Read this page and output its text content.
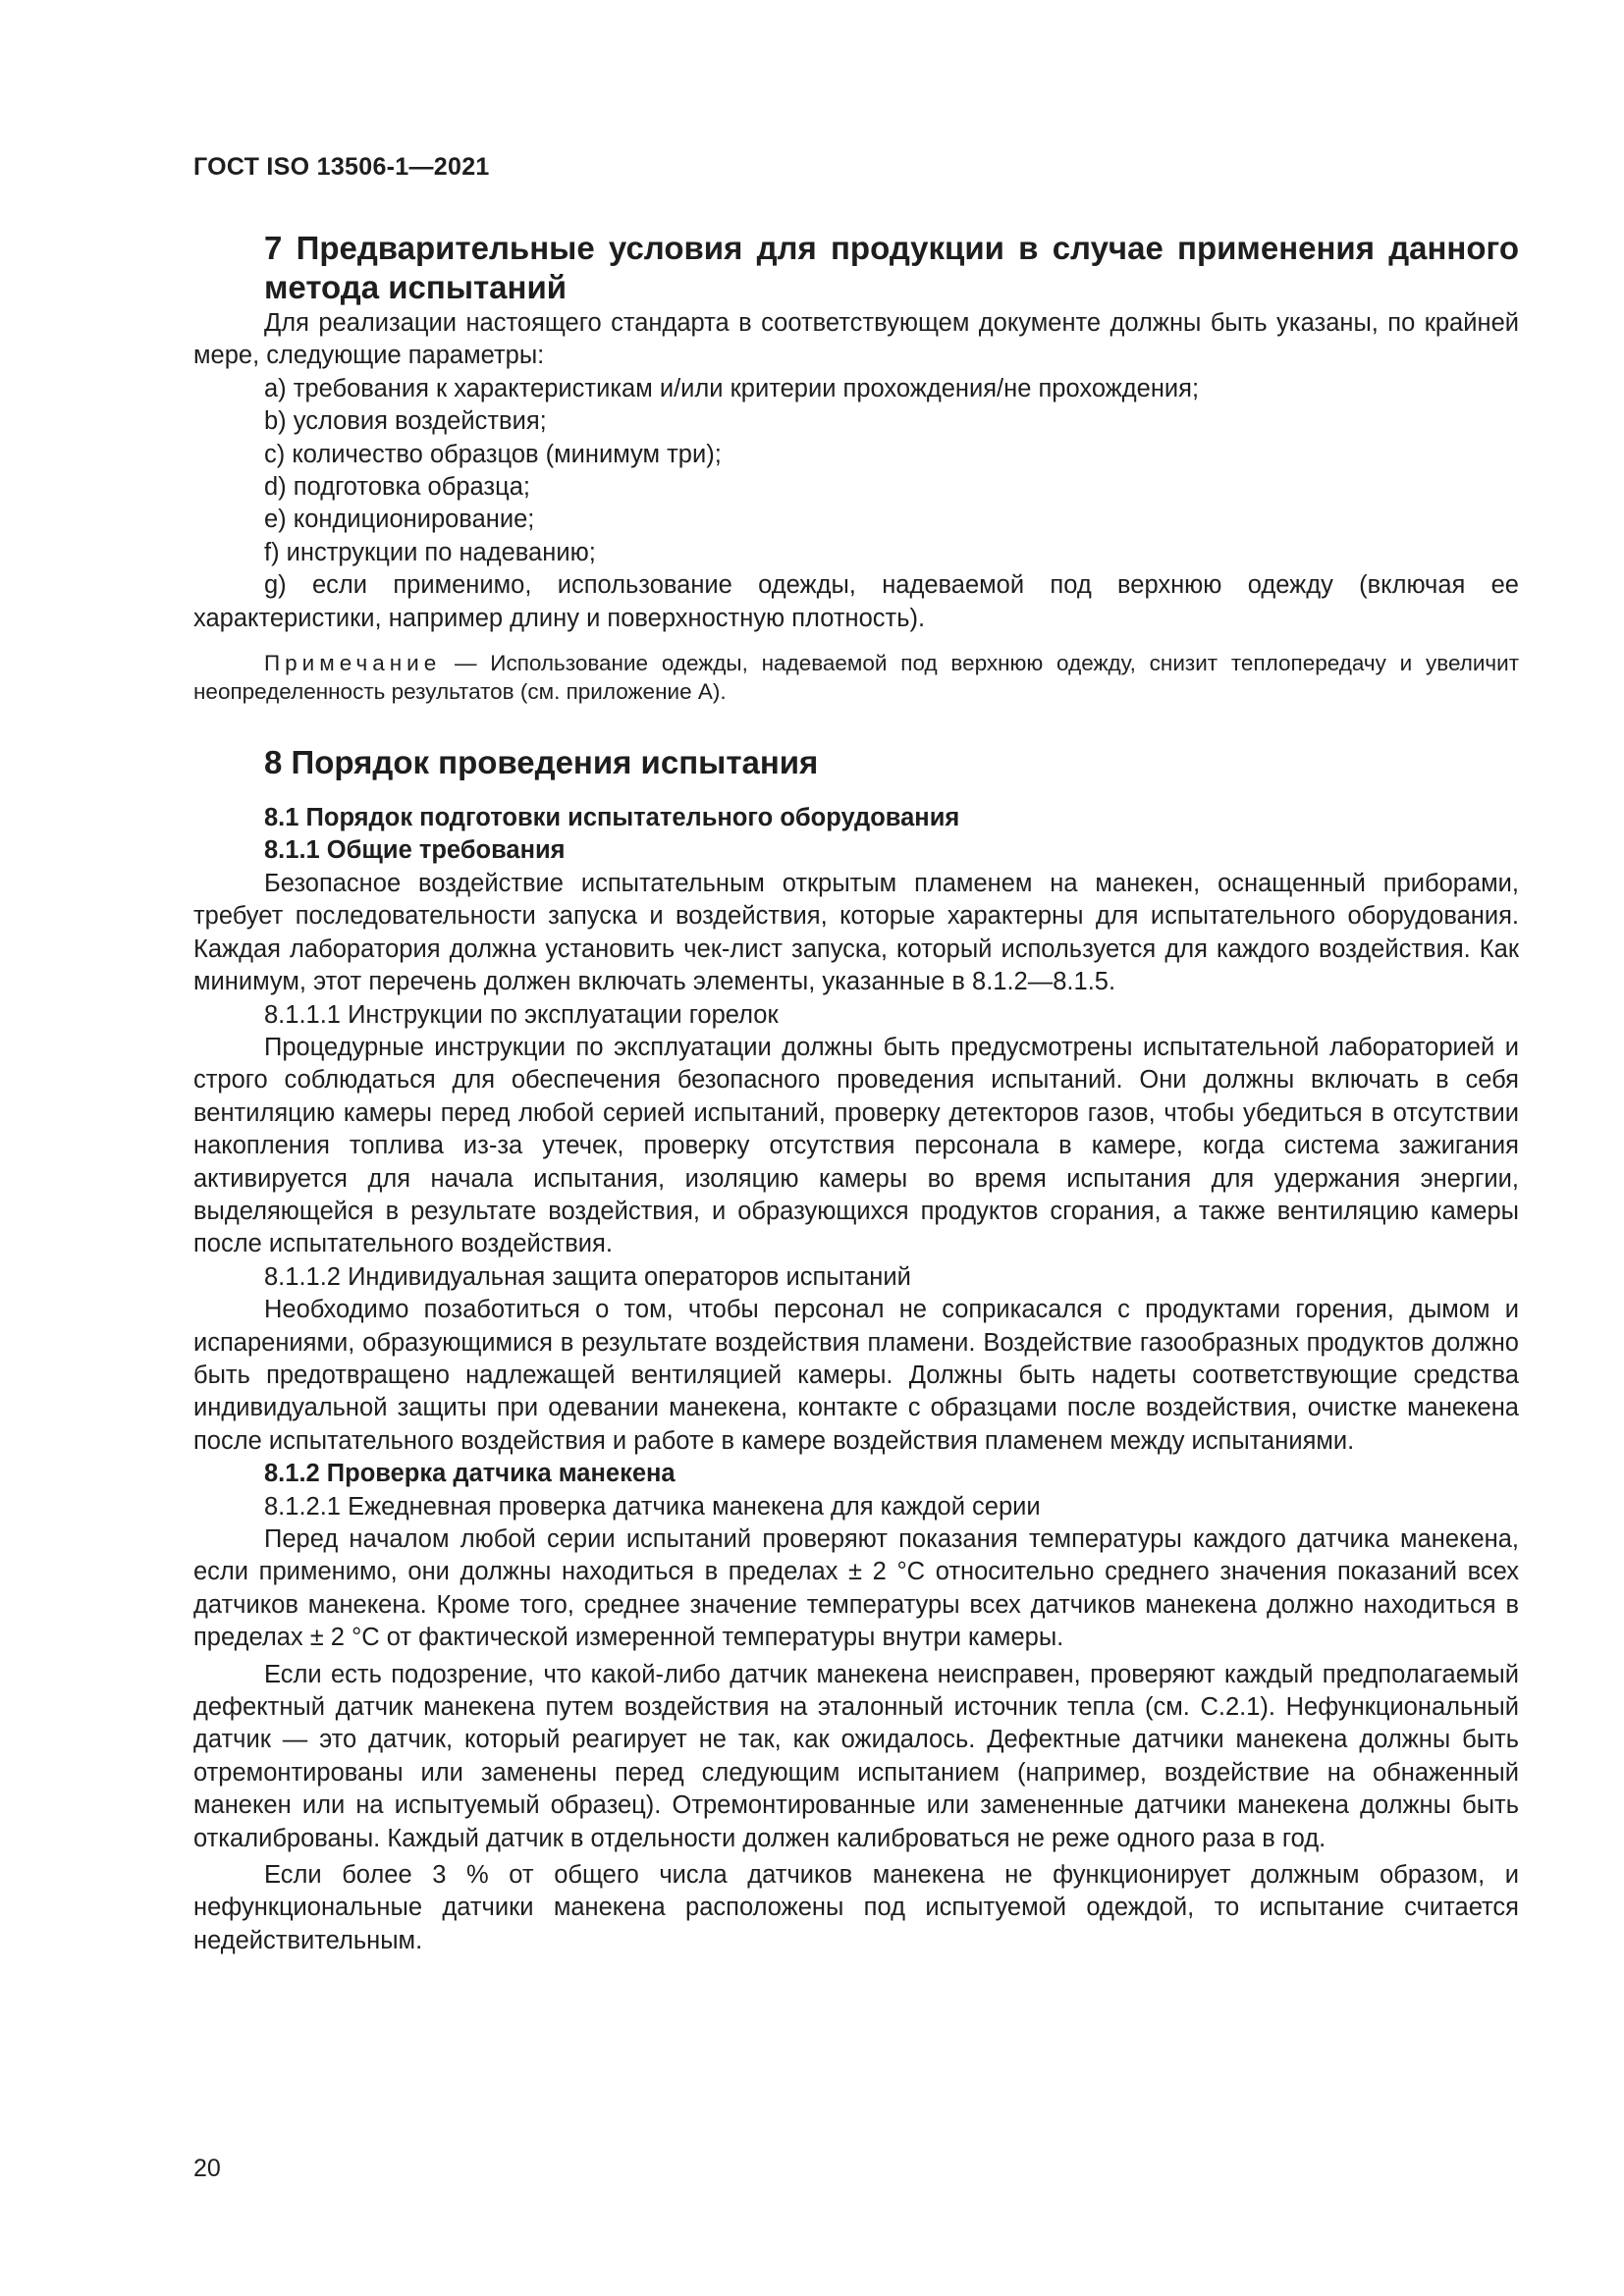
ГОСТ ISO 13506-1—2021

7 Предварительные условия для продукции в случае применения данного метода испытаний

Для реализации настоящего стандарта в соответствующем документе должны быть указаны, по крайней мере, следующие параметры:

a) требования к характеристикам и/или критерии прохождения/не прохождения;

b) условия воздействия;

c) количество образцов (минимум три);

d) подготовка образца;

e) кондиционирование;

f) инструкции по надеванию;

g) если применимо, использование одежды, надеваемой под верхнюю одежду (включая ее характеристики, например длину и поверхностную плотность).

Примечание — Использование одежды, надеваемой под верхнюю одежду, снизит теплопередачу и увеличит неопределенность результатов (см. приложение А).

8 Порядок проведения испытания

8.1 Порядок подготовки испытательного оборудования

8.1.1 Общие требования

Безопасное воздействие испытательным открытым пламенем на манекен, оснащенный приборами, требует последовательности запуска и воздействия, которые характерны для испытательного оборудования. Каждая лаборатория должна установить чек-лист запуска, который используется для каждого воздействия. Как минимум, этот перечень должен включать элементы, указанные в 8.1.2—8.1.5.

8.1.1.1 Инструкции по эксплуатации горелок

Процедурные инструкции по эксплуатации должны быть предусмотрены испытательной лабораторией и строго соблюдаться для обеспечения безопасного проведения испытаний. Они должны включать в себя вентиляцию камеры перед любой серией испытаний, проверку детекторов газов, чтобы убедиться в отсутствии накопления топлива из-за утечек, проверку отсутствия персонала в камере, когда система зажигания активируется для начала испытания, изоляцию камеры во время испытания для удержания энергии, выделяющейся в результате воздействия, и образующихся продуктов сгорания, а также вентиляцию камеры после испытательного воздействия.

8.1.1.2 Индивидуальная защита операторов испытаний

Необходимо позаботиться о том, чтобы персонал не соприкасался с продуктами горения, дымом и испарениями, образующимися в результате воздействия пламени. Воздействие газообразных продуктов должно быть предотвращено надлежащей вентиляцией камеры. Должны быть надеты соответствующие средства индивидуальной защиты при одевании манекена, контакте с образцами после воздействия, очистке манекена после испытательного воздействия и работе в камере воздействия пламенем между испытаниями.

8.1.2 Проверка датчика манекена

8.1.2.1 Ежедневная проверка датчика манекена для каждой серии

Перед началом любой серии испытаний проверяют показания температуры каждого датчика манекена, если применимо, они должны находиться в пределах ± 2 °С относительно среднего значения показаний всех датчиков манекена. Кроме того, среднее значение температуры всех датчиков манекена должно находиться в пределах ± 2 °С от фактической измеренной температуры внутри камеры.

Если есть подозрение, что какой-либо датчик манекена неисправен, проверяют каждый предполагаемый дефектный датчик манекена путем воздействия на эталонный источник тепла (см. С.2.1). Нефункциональный датчик — это датчик, который реагирует не так, как ожидалось. Дефектные датчики манекена должны быть отремонтированы или заменены перед следующим испытанием (например, воздействие на обнаженный манекен или на испытуемый образец). Отремонтированные или замененные датчики манекена должны быть откалиброваны. Каждый датчик в отдельности должен калиброваться не реже одного раза в год.

Если более 3 % от общего числа датчиков манекена не функционирует должным образом, и нефункциональные датчики манекена расположены под испытуемой одеждой, то испытание считается недействительным.

20
